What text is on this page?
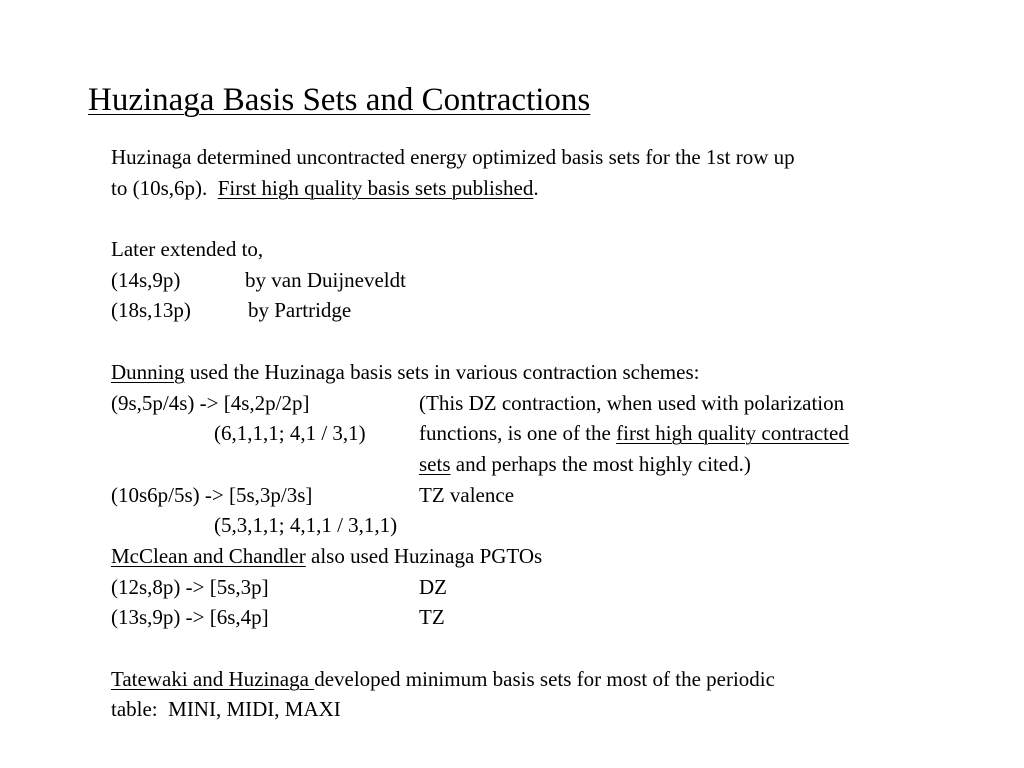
Huzinaga Basis Sets and Contractions
Huzinaga determined uncontracted energy optimized basis sets for the 1st row up
to (10s,6p).  First high quality basis sets published.
Later extended to,
(14s,9p)	by van Duijneveldt
(18s,13p)	by Partridge
Dunning used the Huzinaga basis sets in various contraction schemes:
(9s,5p/4s) -> [4s,2p/2p]	(This DZ contraction, when used with polarization
(6,1,1,1; 4,1 / 3,1)	functions, is one of the first high quality contracted
sets and perhaps the most highly cited.)
(10s6p/5s) -> [5s,3p/3s]	TZ valence
(5,3,1,1; 4,1,1 / 3,1,1)
McClean and Chandler also used Huzinaga PGTOs
(12s,8p) -> [5s,3p]	DZ
(13s,9p) -> [6s,4p]	TZ
Tatewaki and Huzinaga developed minimum basis sets for most of the periodic
table:  MINI, MIDI, MAXI
